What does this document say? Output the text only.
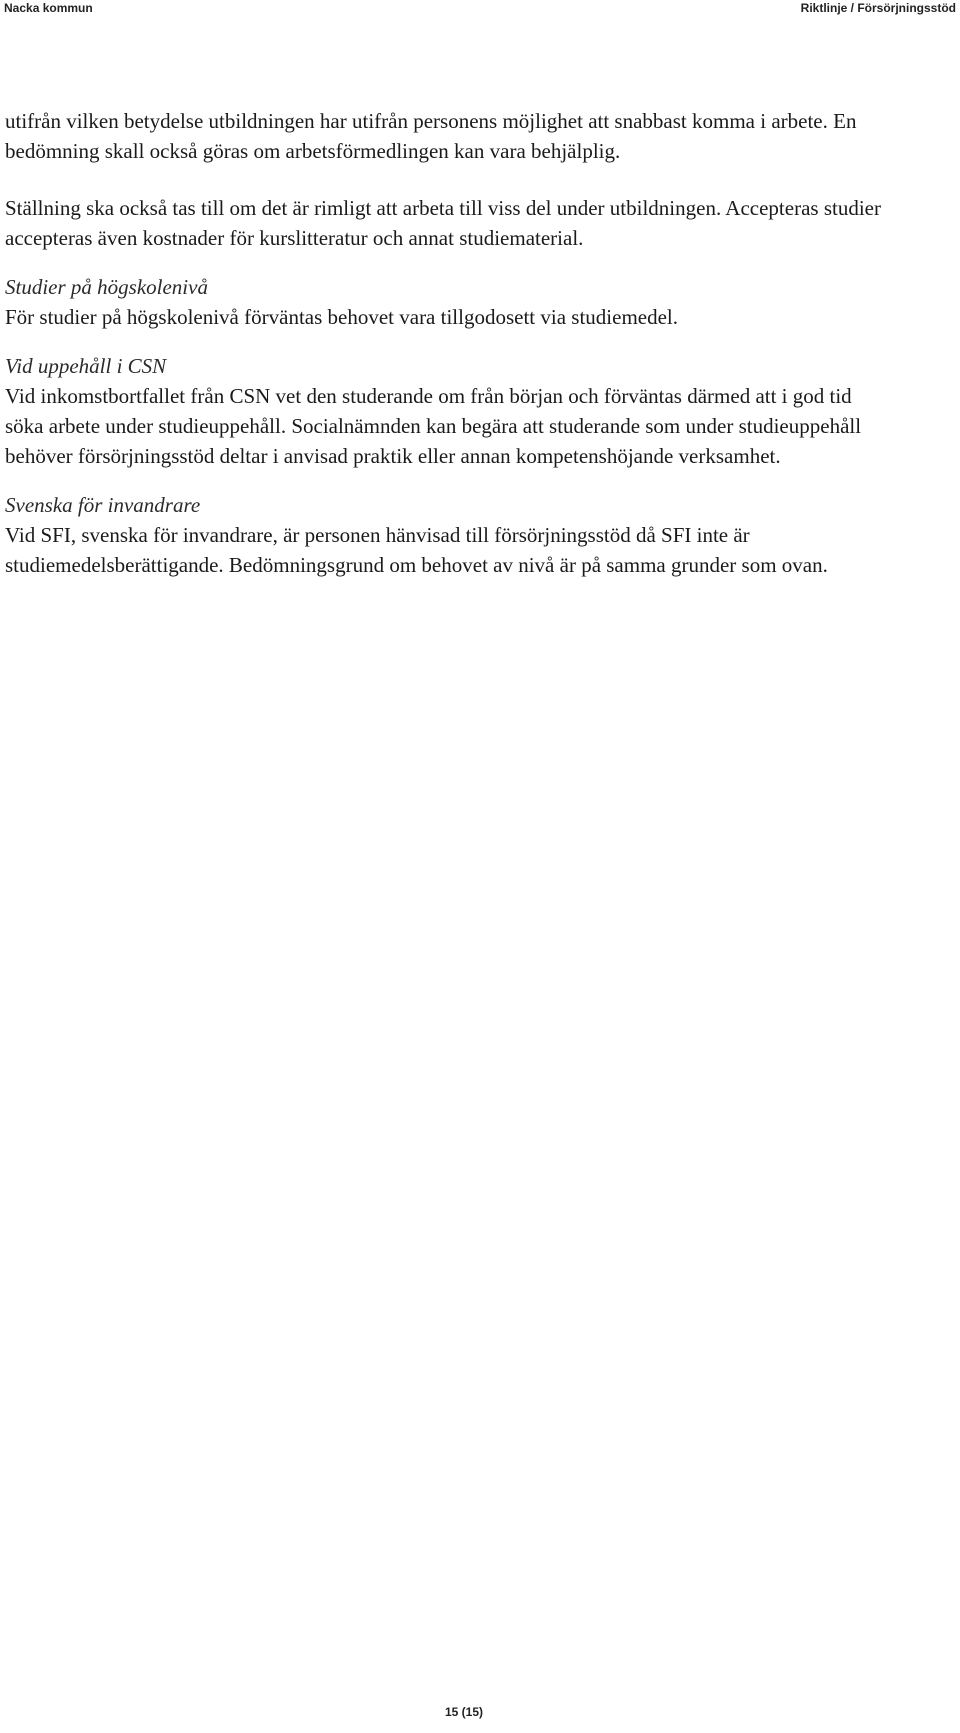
Nacka kommun	Riktlinje / Försörjningsstöd

utifrån vilken betydelse utbildningen har utifrån personens möjlighet att snabbast komma i arbete. En bedömning skall också göras om arbetsförmedlingen kan vara behjälplig.

Ställning ska också tas till om det är rimligt att arbeta till viss del under utbildningen. Accepteras studier accepteras även kostnader för kurslitteratur och annat studiematerial.

Studier på högskolenivå

För studier på högskolenivå förväntas behovet vara tillgodosett via studiemedel.

Vid uppehåll i CSN

Vid inkomstbortfallet från CSN vet den studerande om från början och förväntas därmed att i god tid söka arbete under studieuppehåll. Socialnämnden kan begära att studerande som under studieuppehåll behöver försörjningsstöd deltar i anvisad praktik eller annan kompetenshöjande verksamhet.

Svenska för invandrare

Vid SFI, svenska för invandrare, är personen hänvisad till försörjningsstöd då SFI inte är studiemedelsberättigande. Bedömningsgrund om behovet av nivå är på samma grunder som ovan.

15 (15)
